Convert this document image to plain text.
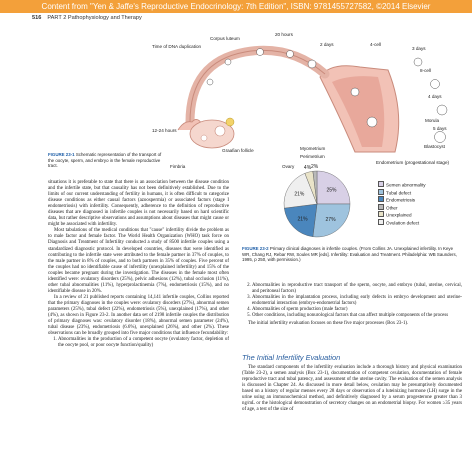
Content from "Yen & Jaffe's Reproductive Endocrinology: 7th Edition", ISBN: 9781455727582, ©2014 Elsevier
516 PART 2 Pathophysiology and Therapy
Time of DNA duplication
20 hours
Corpus luteum
2 days	4-cell
3 days
8-cell
12-24 hours
Graafian follicle
4 days
Morula
5 days
Blastocyst
Fimbria	Ovary
Myometrium
Perimetrium
Endometrium (progestational stage)
FIGURE 23-1 Schematic representation of the transport of the oocyte, sperm, and embryo in the female reproductive tract.
25%
27%
21%
21%
4% 2%
Semen abnormality
Tubal defect
Endometriosis
Other
Unexplained
Ovulation defect
FIGURE 23-2 Primary clinical diagnoses in infertile couples. (From Collins JA. Unexplained infertility. In Keye WR, Chang RJ, Rebar RW, Soules MR [eds]. Infertility: Evaluation and Treatment. Philadelphia: WB Saunders, 1995, p 250, with permission.)

situations it is preferable to state that there is an association between the disease condition and the infertile state, but that causality has not been definitively established. Due to the limits of our current understanding of fertility in humans, it is often difficult to categorize disease conditions as either causal factors (azoospermia) or associated factors (stage I endometriosis) with infertility. Consequently, adherence to the definition of reproductive diseases that are diagnosed in infertile couples is not necessarily based on hard scientific data, but rather descriptive observations and assumptions about diseases that might cause or might be associated with infertility.

Most tabulations of the medical conditions that "cause" infertility divide the problem as to male factor and female factor. The World Health Organization (WHO) task force on Diagnosis and Treatment of Infertility conducted a study of 8500 infertile couples using a standardized diagnostic protocol. In developed countries, diseases that were identified as contributing to the infertile state were attributed to the female partner in 37% of couples, to the male partner in 8% of couples, and to both partners in 35% of couples. Five percent of the couples had no identifiable cause of infertility (unexplained infertility) and 15% of the couples became pregnant during the investigation. The diseases in the female most often identified were: ovulatory disorders (25%), pelvic adhesions (12%), tubal occlusion (11%), other tubal abnormalities (11%), hyperprolactinemia (7%), endometriosis (15%), and no identifiable disease in 20%.

In a review of 21 published reports containing 14,141 infertile couples, Collins reported that the primary diagnoses in the couples were: ovulatory disorders (27%), abnormal semen parameters (25%), tubal defect (22%), endometriosis (5%), unexplained (17%), and other (4%), as shown in Figure 23-2. In another data set of 2198 infertile couples the distribution of primary diagnoses was: ovulatory disorder (18%), abnormal semen parameter (24%), tubal disease (23%), endometriosis (6.6%), unexplained (26%), and other (2%). These observations can be broadly grouped into five major conditions that influence fecundability:

1. Abnormalities in the production of a competent oocyte (ovulatory factor, depletion of the oocyte pool, or poor oocyte function/quality)
2. Abnormalities in reproductive tract transport of the sperm, oocyte, and embryo (tubal, uterine, cervical, and peritoneal factors)
3. Abnormalities in the implantation process, including early defects in embryo development and uterine-endometrial interaction (embryo-endometrial factors)
4. Abnormalities of sperm production (male factor)
5. Other conditions, including nonurological factors that can affect multiple components of the process

The initial infertility evaluation focuses on these five major processes (Box 23-1).

The Initial Infertility Evaluation

The standard components of the infertility evaluation include a thorough history and physical examination (Table 23-2), a semen analysis (Box 23-1), documentation of competent ovulation, documentation of female reproductive tract and tubal patency, and assessment of the uterine cavity. The evaluation of the semen analysis is discussed in Chapter 24. As discussed in more detail below, ovulation may be presumptively documented based on a history of regular menses every 28 days or observation of a luteinizing hormone (LH) surge in the urine using an immunochemical method, and definitively diagnosed by a serum progesterone greater than 3 ng/mL or the histological demonstration of secretory changes on an endometrial biopsy. For women ≥35 years of age, a test of the size of
